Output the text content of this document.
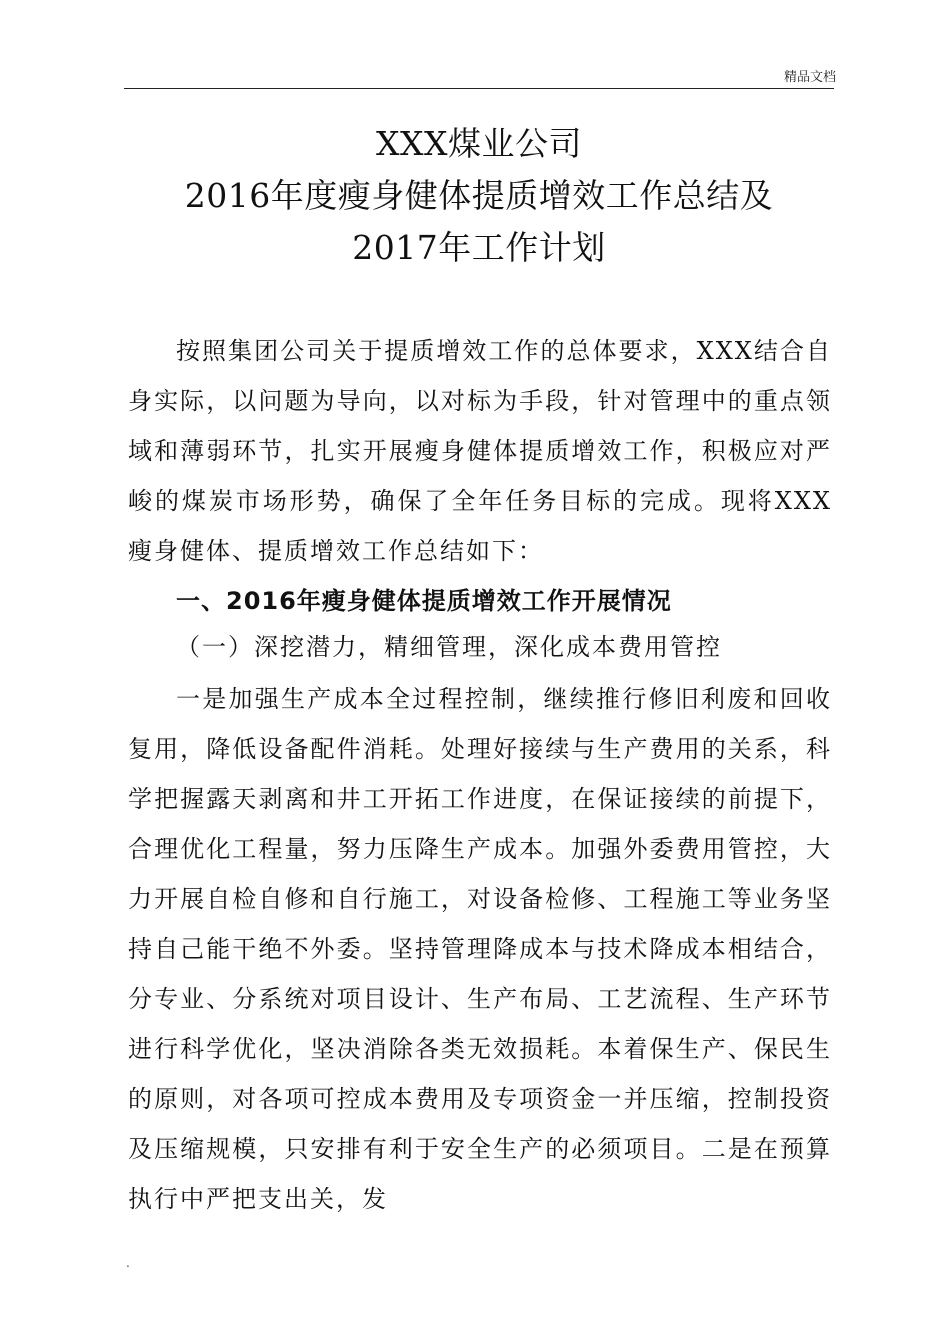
精品文档
XXX煤业公司
2016年度瘦身健体提质增效工作总结及
2017年工作计划

按照集团公司关于提质增效工作的总体要求，XXX结合自身实际，以问题为导向，以对标为手段，针对管理中的重点领域和薄弱环节，扎实开展瘦身健体提质增效工作，积极应对严峻的煤炭市场形势，确保了全年任务目标的完成。现将XXX瘦身健体、提质增效工作总结如下：

一、2016年瘦身健体提质增效工作开展情况

（一）深挖潜力，精细管理，深化成本费用管控

一是加强生产成本全过程控制，继续推行修旧利废和回收复用，降低设备配件消耗。处理好接续与生产费用的关系，科学把握露天剥离和井工开拓工作进度，在保证接续的前提下，合理优化工程量，努力压降生产成本。加强外委费用管控，大力开展自检自修和自行施工，对设备检修、工程施工等业务坚持自己能干绝不外委。坚持管理降成本与技术降成本相结合，分专业、分系统对项目设计、生产布局、工艺流程、生产环节进行科学优化，坚决消除各类无效损耗。本着保生产、保民生的原则，对各项可控成本费用及专项资金一并压缩，控制投资及压缩规模，只安排有利于安全生产的必须项目。二是在预算执行中严把支出关，发

.
